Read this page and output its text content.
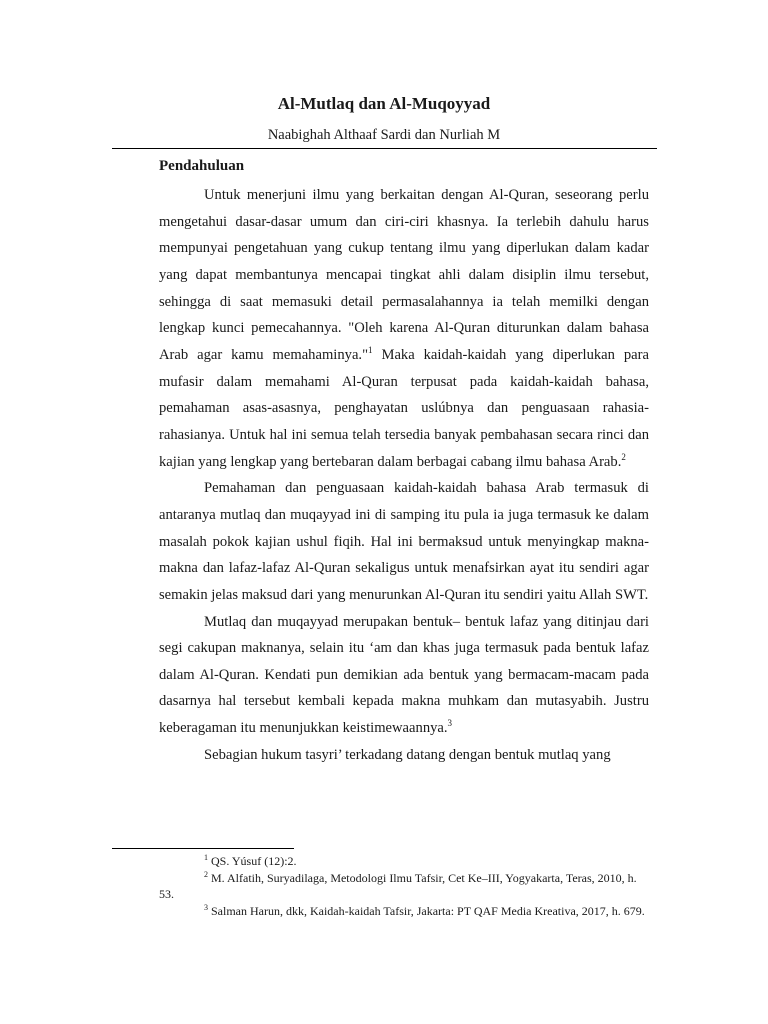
Al-Mutlaq dan Al-Muqoyyad
Naabighah Althaaf Sardi dan Nurliah M
Pendahuluan

Untuk menerjuni ilmu yang berkaitan dengan Al-Quran, seseorang perlu mengetahui dasar-dasar umum dan ciri-ciri khasnya. Ia terlebih dahulu harus mempunyai pengetahuan yang cukup tentang ilmu yang diperlukan dalam kadar yang dapat membantunya mencapai tingkat ahli dalam disiplin ilmu tersebut, sehingga di saat memasuki detail permasalahannya ia telah memilki dengan lengkap kunci pemecahannya. "Oleh karena Al-Quran diturunkan dalam bahasa Arab agar kamu memahaminya."$^1$ Maka kaidah-kaidah yang diperlukan para mufasir dalam memahami Al-Quran terpusat pada kaidah-kaidah bahasa, pemahaman asas-asasnya, penghayatan uslúbnya dan penguasaan rahasia-rahasianya. Untuk hal ini semua telah tersedia banyak pembahasan secara rinci dan kajian yang lengkap yang bertebaran dalam berbagai cabang ilmu bahasa Arab.$^2$

Pemahaman dan penguasaan kaidah-kaidah bahasa Arab termasuk di antaranya mutlaq dan muqayyad ini di samping itu pula ia juga termasuk ke dalam masalah pokok kajian ushul fiqih. Hal ini bermaksud untuk menyingkap makna-makna dan lafaz-lafaz Al-Quran sekaligus untuk menafsirkan ayat itu sendiri agar semakin jelas maksud dari yang menurunkan Al-Quran itu sendiri yaitu Allah SWT.

Mutlaq dan muqayyad merupakan bentuk– bentuk lafaz yang ditinjau dari segi cakupan maknanya, selain itu ‘am dan khas juga termasuk pada bentuk lafaz dalam Al-Quran. Kendati pun demikian ada bentuk yang bermacam-macam pada dasarnya hal tersebut kembali kepada makna muhkam dan mutasyabih. Justru keberagaman itu menunjukkan keistimewaannya.$^3$

Sebagian hukum tasyri’ terkadang datang dengan bentuk mutlaq yang

$^1$ QS. Yúsuf (12):2.

$^2$ M. Alfatih, Suryadilaga, Metodologi Ilmu Tafsir, Cet Ke–III, Yogyakarta, Teras, 2010, h. 53.

$^3$ Salman Harun, dkk, Kaidah-kaidah Tafsir, Jakarta: PT QAF Media Kreativa, 2017, h. 679.
